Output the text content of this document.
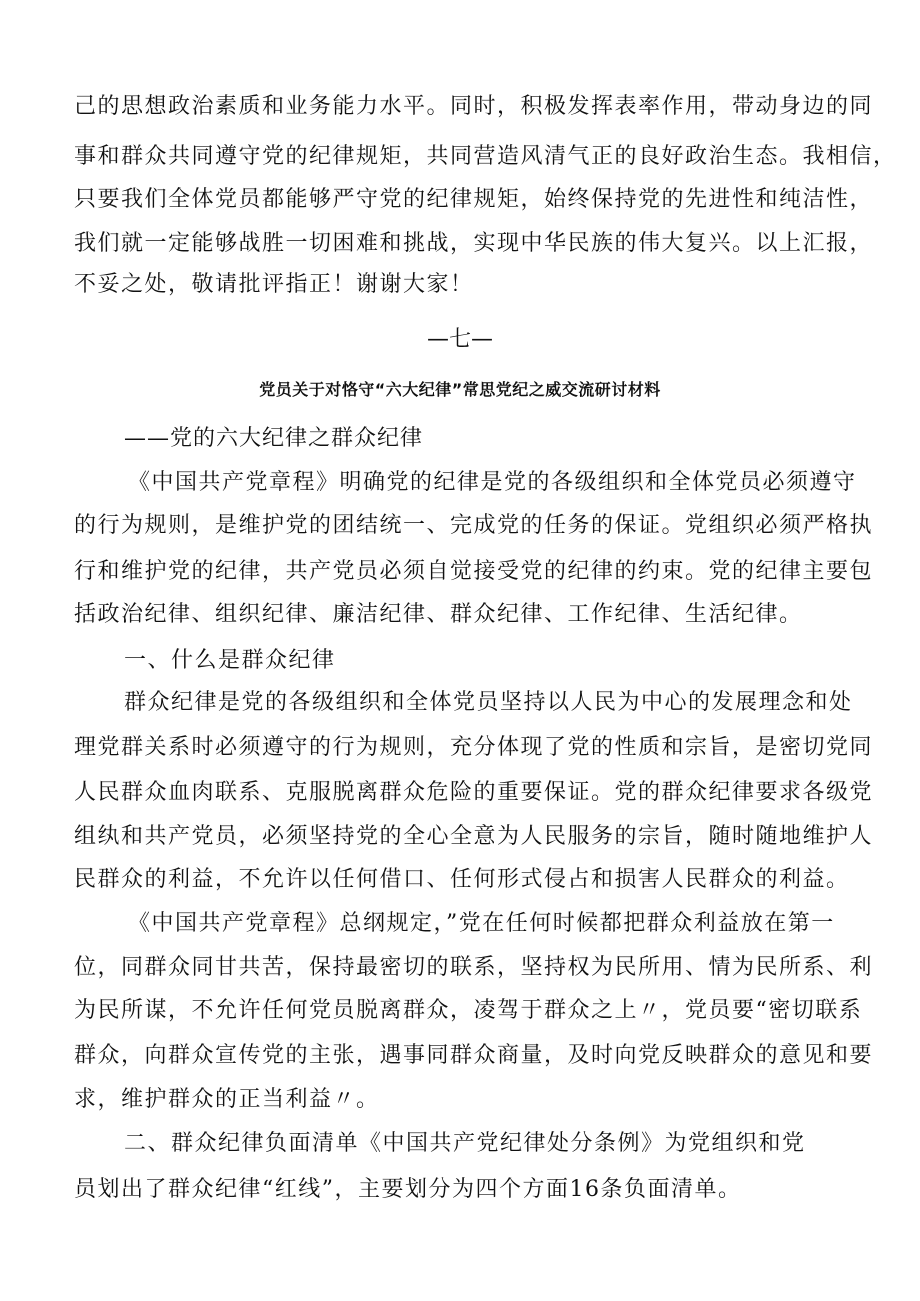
己的思想政治素质和业务能力水平。同时，积极发挥表率作用，带动身边的同
事和群众共同遵守党的纪律规矩，共同营造风清气正的良好政治生态。我相信，
只要我们全体党员都能够严守党的纪律规矩，始终保持党的先进性和纯洁性，
我们就一定能够战胜一切困难和挑战，实现中华民族的伟大复兴。以上汇报，
不妥之处，敬请批评指正！谢谢大家！
—七—
党员关于对恪守“六大纪律”常思党纪之威交流研讨材料
——党的六大纪律之群众纪律
《中国共产党章程》明确党的纪律是党的各级组织和全体党员必须遵守
的行为规则，是维护党的团结统一、完成党的任务的保证。党组织必须严格执
行和维护党的纪律，共产党员必须自觉接受党的纪律的约束。党的纪律主要包
括政治纪律、组织纪律、廉洁纪律、群众纪律、工作纪律、生活纪律。
一、什么是群众纪律
群众纪律是党的各级组织和全体党员坚持以人民为中心的发展理念和处
理党群关系时必须遵守的行为规则，充分体现了党的性质和宗旨，是密切党同
人民群众血肉联系、克服脱离群众危险的重要保证。党的群众纪律要求各级党
组纨和共产党员，必须坚持党的全心全意为人民服务的宗旨，随时随地维护人
民群众的利益，不允许以任何借口、任何形式侵占和损害人民群众的利益。
《中国共产党章程》总纲规定，”党在任何时候都把群众利益放在第一
位，同群众同甘共苦，保持最密切的联系，坚持权为民所用、情为民所系、利
为民所谋，不允许任何党员脱离群众，凌驾于群众之上〃，党员要“密切联系
群众，向群众宣传党的主张，遇事同群众商量，及时向党反映群众的意见和要
求，维护群众的正当利益〃。
二、群众纪律负面清单《中国共产党纪律处分条例》为党组织和党
员划出了群众纪律“红线”，主要划分为四个方面16条负面清单。
